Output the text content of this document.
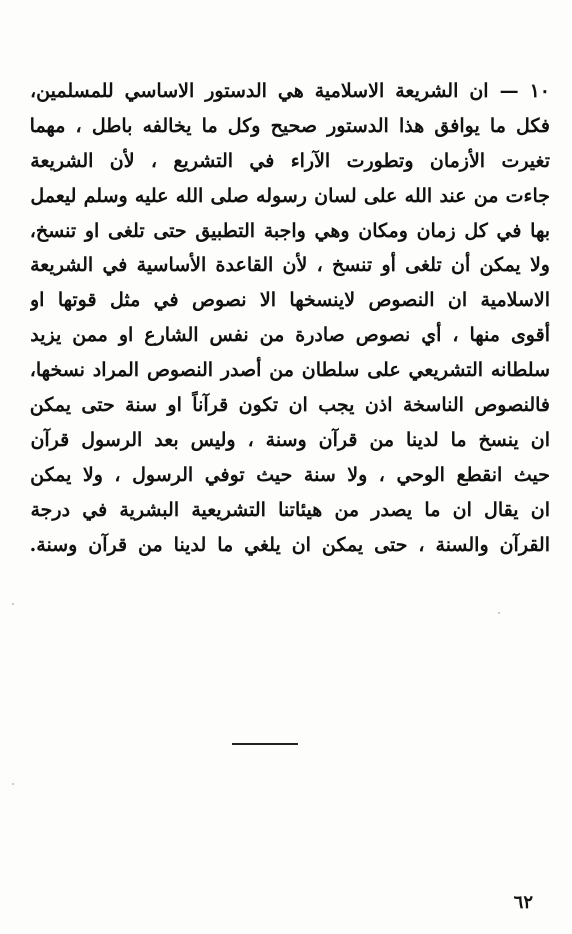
١٠ — ان الشريعة الاسلامية هي الدستور الاساسي للمسلمين،
فكل ما يوافق هذا الدستور صحيح وكل ما يخالفه باطل ، مهما
تغيرت الأزمان وتطورت الآراء في التشريع ، لأن الشريعة
جاءت من عند الله على لسان رسوله صلى الله عليه وسلم ليعمل
بها في كل زمان ومكان وهي واجبة التطبيق حتى تلغى او تنسخ،
ولا يمكن أن تلغى أو تنسخ ، لأن القاعدة الأساسية في الشريعة
الاسلامية ان النصوص لاينسخها الا نصوص في مثل قوتها او
أقوى منها ، أي نصوص صادرة من نفس الشارع او ممن يزيد
سلطانه التشريعي على سلطان من أصدر النصوص المراد نسخها،
فالنصوص الناسخة اذن يجب ان تكون قرآناً او سنة حتى يمكن
ان ينسخ ما لدينا من قرآن وسنة ، وليس بعد الرسول قرآن
حيث انقطع الوحي ، ولا سنة حيث توفي الرسول ، ولا يمكن
ان يقال ان ما يصدر من هيئاتنا التشريعية البشرية في درجة
القرآن والسنة ، حتى يمكن ان يلغي ما لدينا من قرآن وسنة.
٦٢
